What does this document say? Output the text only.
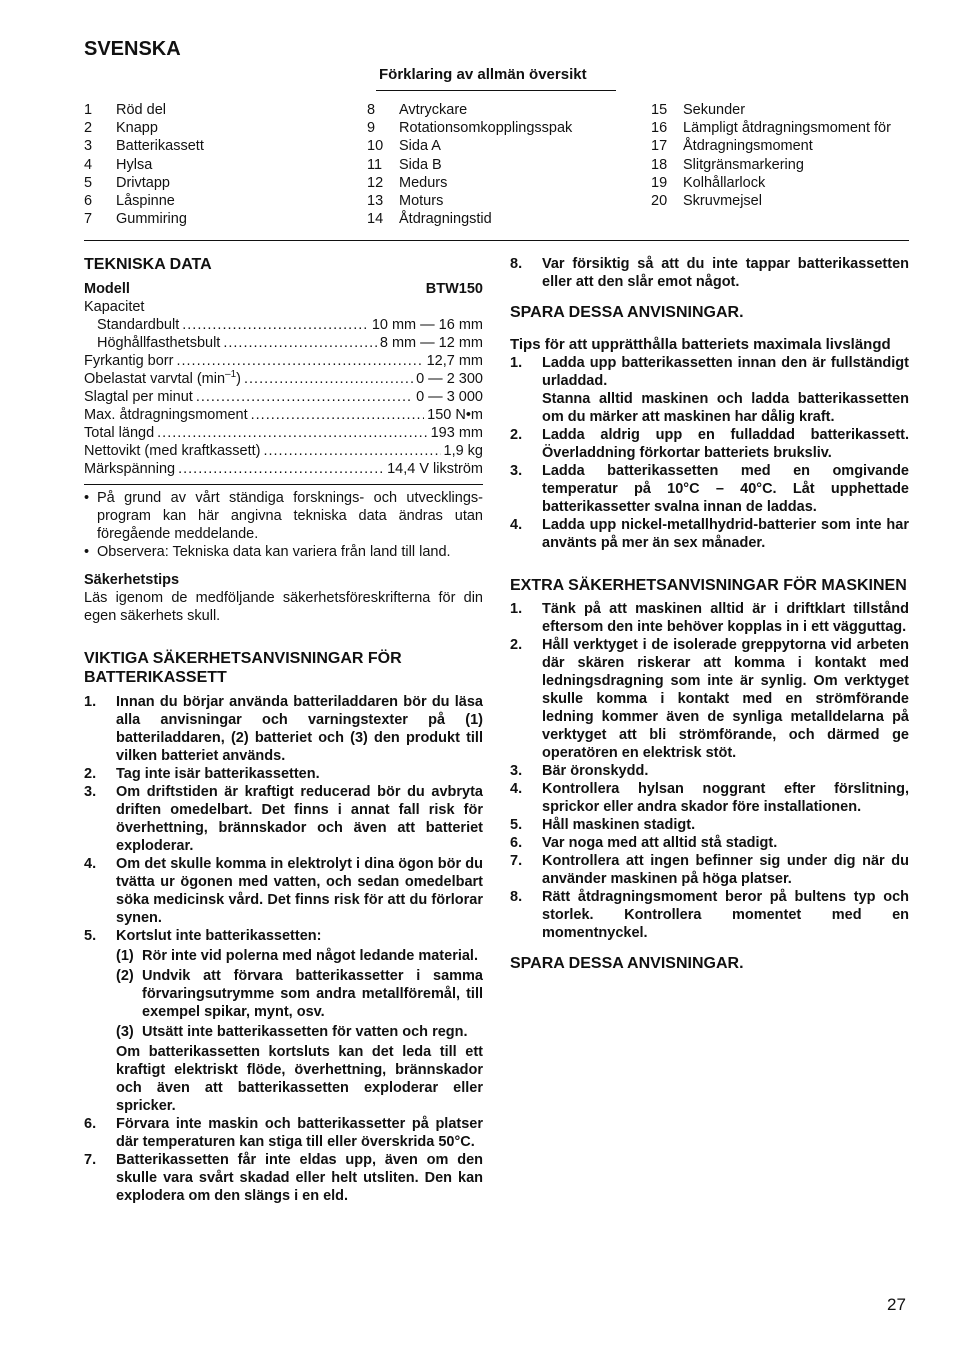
SVENSKA
Förklaring av allmän översikt
1	Röd del
2	Knapp
3	Batterikassett
4	Hylsa
5	Drivtapp
6	Låspinne
7	Gummiring
8	Avtryckare
9	Rotationsomkopplingsspak
10	Sida A
11	Sida B
12	Medurs
13	Moturs
14	Åtdragningstid
15	Sekunder
16	Lämpligt åtdragningsmoment för
17	Åtdragningsmoment
18	Slitgränsmarkering
19	Kolhållarlock
20	Skruvmejsel
TEKNISKA DATA
Modell	BTW150
Kapacitet
Standardbult .....	10 mm — 16 mm
Höghållfasthetsbult .....	8 mm — 12 mm
Fyrkantig borr .....	12,7 mm
Obelastat varvtal $(\min^{-1})$ .....	0 — 2 300
Slagtal per minut .....	0 — 3 000
Max. åtdragningsmoment .....	150 N•m
Total längd .....	193 mm
Nettovikt (med kraftkassett) .....	1,9 kg
Märkspänning .....	14,4 V likström
• På grund av vårt ständiga forsknings- och utvecklings-program kan här angivna tekniska data ändras utan föregående meddelande.
• Observera: Tekniska data kan variera från land till land.
Säkerhetstips
Läs igenom de medföljande säkerhetsföreskrifterna för din egen säkerhets skull.
VIKTIGA SÄKERHETSANVISNINGAR FÖR BATTERIKASSETT
1.	Innan du börjar använda batteriladdaren bör du läsa alla anvisningar och varningstexter på (1) batteriladdaren, (2) batteriet och (3) den produkt till vilken batteriet används.
2.	Tag inte isär batterikassetten.
3.	Om driftstiden är kraftigt reducerad bör du avbryta driften omedelbart. Det finns i annat fall risk för överhettning, brännskador och även att batteriet exploderar.
4.	Om det skulle komma in elektrolyt i dina ögon bör du tvätta ur ögonen med vatten, och sedan omedelbart söka medicinsk vård. Det finns risk för att du förlorar synen.
5.	Kortslut inte batterikassetten:
(1) Rör inte vid polerna med något ledande material.
(2) Undvik att förvara batterikassetter i samma förvaringsutrymme som andra metallföremål, till exempel spikar, mynt, osv.
(3) Utsätt inte batterikassetten för vatten och regn.
Om batterikassetten kortsluts kan det leda till ett kraftigt elektriskt flöde, överhettning, brännskador och även att batterikassetten exploderar eller spricker.
6.	Förvara inte maskin och batterikassetter på platser där temperaturen kan stiga till eller överskrida 50°C.
7.	Batterikassetten får inte eldas upp, även om den skulle vara svårt skadad eller helt utsliten. Den kan explodera om den slängs i en eld.
8.	Var försiktig så att du inte tappar batterikassetten eller att den slår emot något.
SPARA DESSA ANVISNINGAR.
Tips för att upprätthålla batteriets maximala livslängd
1.	Ladda upp batterikassetten innan den är fullständigt urladdad.
Stanna alltid maskinen och ladda batterikassetten om du märker att maskinen har dålig kraft.
2.	Ladda aldrig upp en fulladdad batterikassett. Överladdning förkortar batteriets bruksliv.
3.	Ladda batterikassetten med en omgivande temperatur på 10°C – 40°C. Låt upphettade batterikassetter svalna innan de laddas.
4.	Ladda upp nickel-metallhydrid-batterier som inte har använts på mer än sex månader.
EXTRA SÄKERHETSANVISNINGAR FÖR MASKINEN
1.	Tänk på att maskinen alltid är i driftklart tillstånd eftersom den inte behöver kopplas in i ett vägguttag.
2.	Håll verktyget i de isolerade greppytorna vid arbeten där skären riskerar att komma i kontakt med ledningsdragning som inte är synlig. Om verktyget skulle komma i kontakt med en strömförande ledning kommer även de synliga metalldelarna på verktyget att bli strömförande, och därmed ge operatören en elektrisk stöt.
3.	Bär öronskydd.
4.	Kontrollera hylsan noggrant efter förslitning, sprickor eller andra skador före installationen.
5.	Håll maskinen stadigt.
6.	Var noga med att alltid stå stadigt.
7.	Kontrollera att ingen befinner sig under dig när du använder maskinen på höga platser.
8.	Rätt åtdragningsmoment beror på bultens typ och storlek. Kontrollera momentet med en momentnyckel.
SPARA DESSA ANVISNINGAR.
27
